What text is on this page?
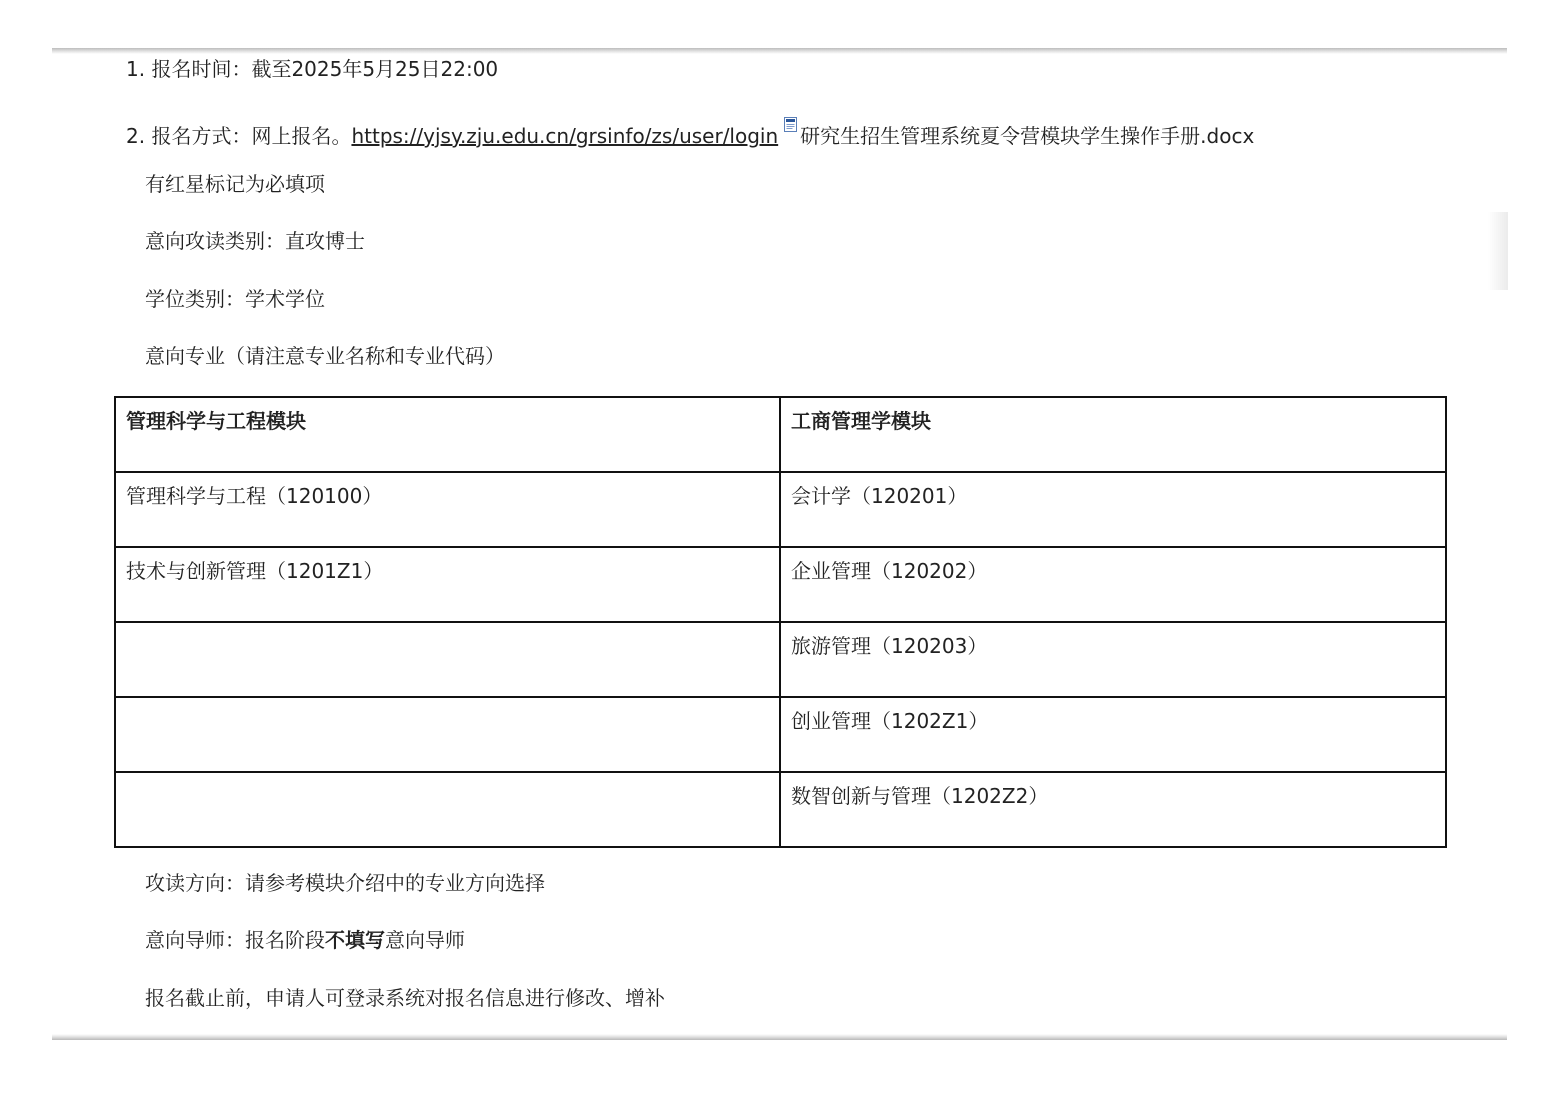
1. 报名时间：截至2025年5月25日22:00
2. 报名方式：网上报名。https://yjsy.zju.edu.cn/grsinfo/zs/user/login 研究生招生管理系统夏令营模块学生操作手册.docx
有红星标记为必填项
意向攻读类别：直攻博士
学位类别：学术学位
意向专业（请注意专业名称和专业代码）
管理科学与工程模块	工商管理学模块
管理科学与工程（120100）	会计学（120201）
技术与创新管理（1201Z1）	企业管理（120202）
	旅游管理（120203）
	创业管理（1202Z1）
	数智创新与管理（1202Z2）
攻读方向：请参考模块介绍中的专业方向选择
意向导师：报名阶段不填写意向导师
报名截止前，申请人可登录系统对报名信息进行修改、增补
